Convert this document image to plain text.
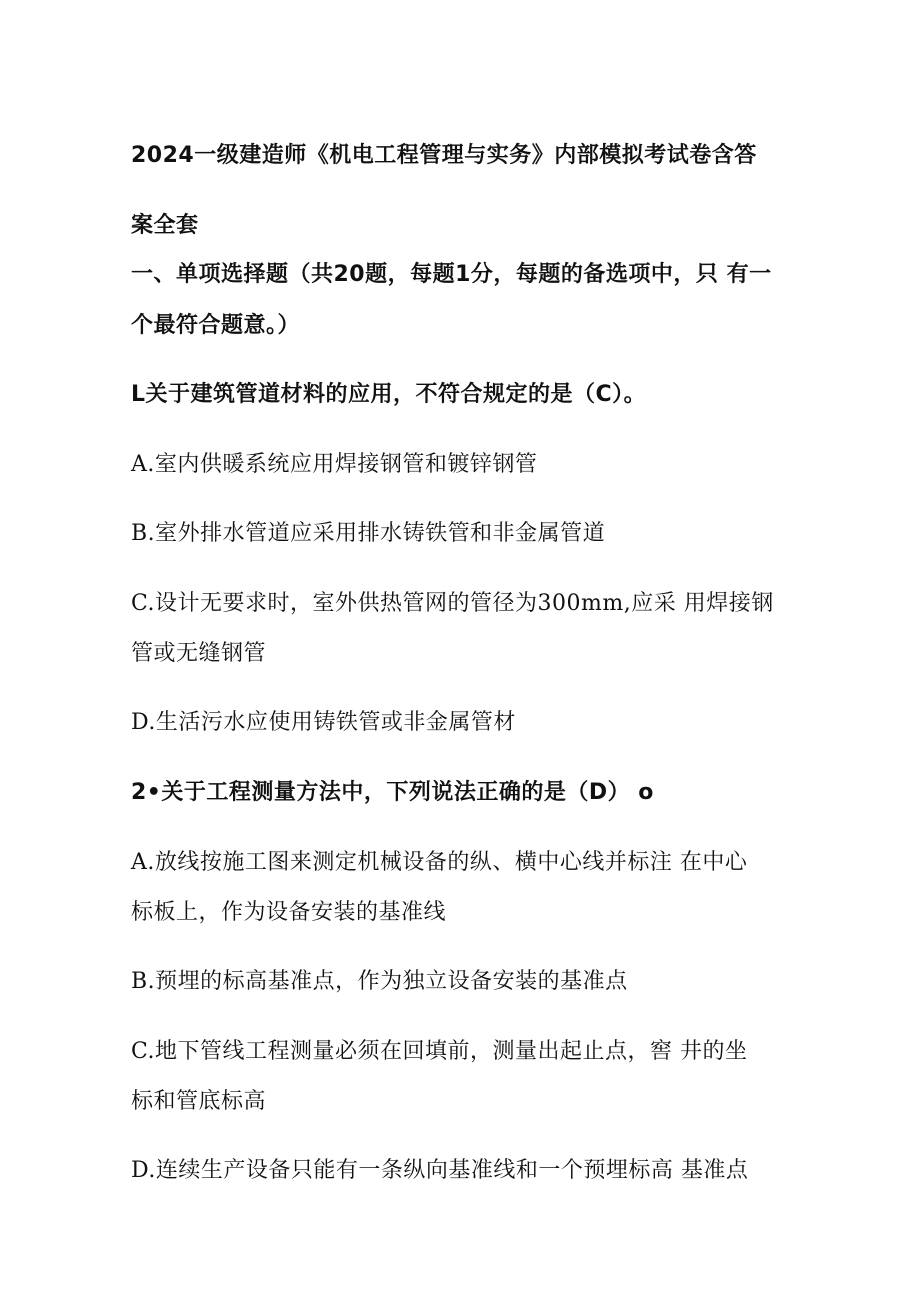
2024一级建造师《机电工程管理与实务》内部模拟考试卷含答
案全套
一、单项选择题（共20题，每题1分，每题的备选项中，只 有一
个最符合题意。）
L关于建筑管道材料的应用，不符合规定的是（C）。
A.室内供暖系统应用焊接钢管和镀锌钢管
B.室外排水管道应采用排水铸铁管和非金属管道
C.设计无要求时，室外供热管网的管径为300mm,应采 用焊接钢
管或无缝钢管
D.生活污水应使用铸铁管或非金属管材
2•关于工程测量方法中，下列说法正确的是（D） o
A.放线按施工图来测定机械设备的纵、横中心线并标注 在中心
标板上，作为设备安装的基准线
B.预埋的标高基准点，作为独立设备安装的基准点
C.地下管线工程测量必须在回填前，测量出起止点，窖 井的坐
标和管底标高
D.连续生产设备只能有一条纵向基准线和一个预埋标高 基准点
